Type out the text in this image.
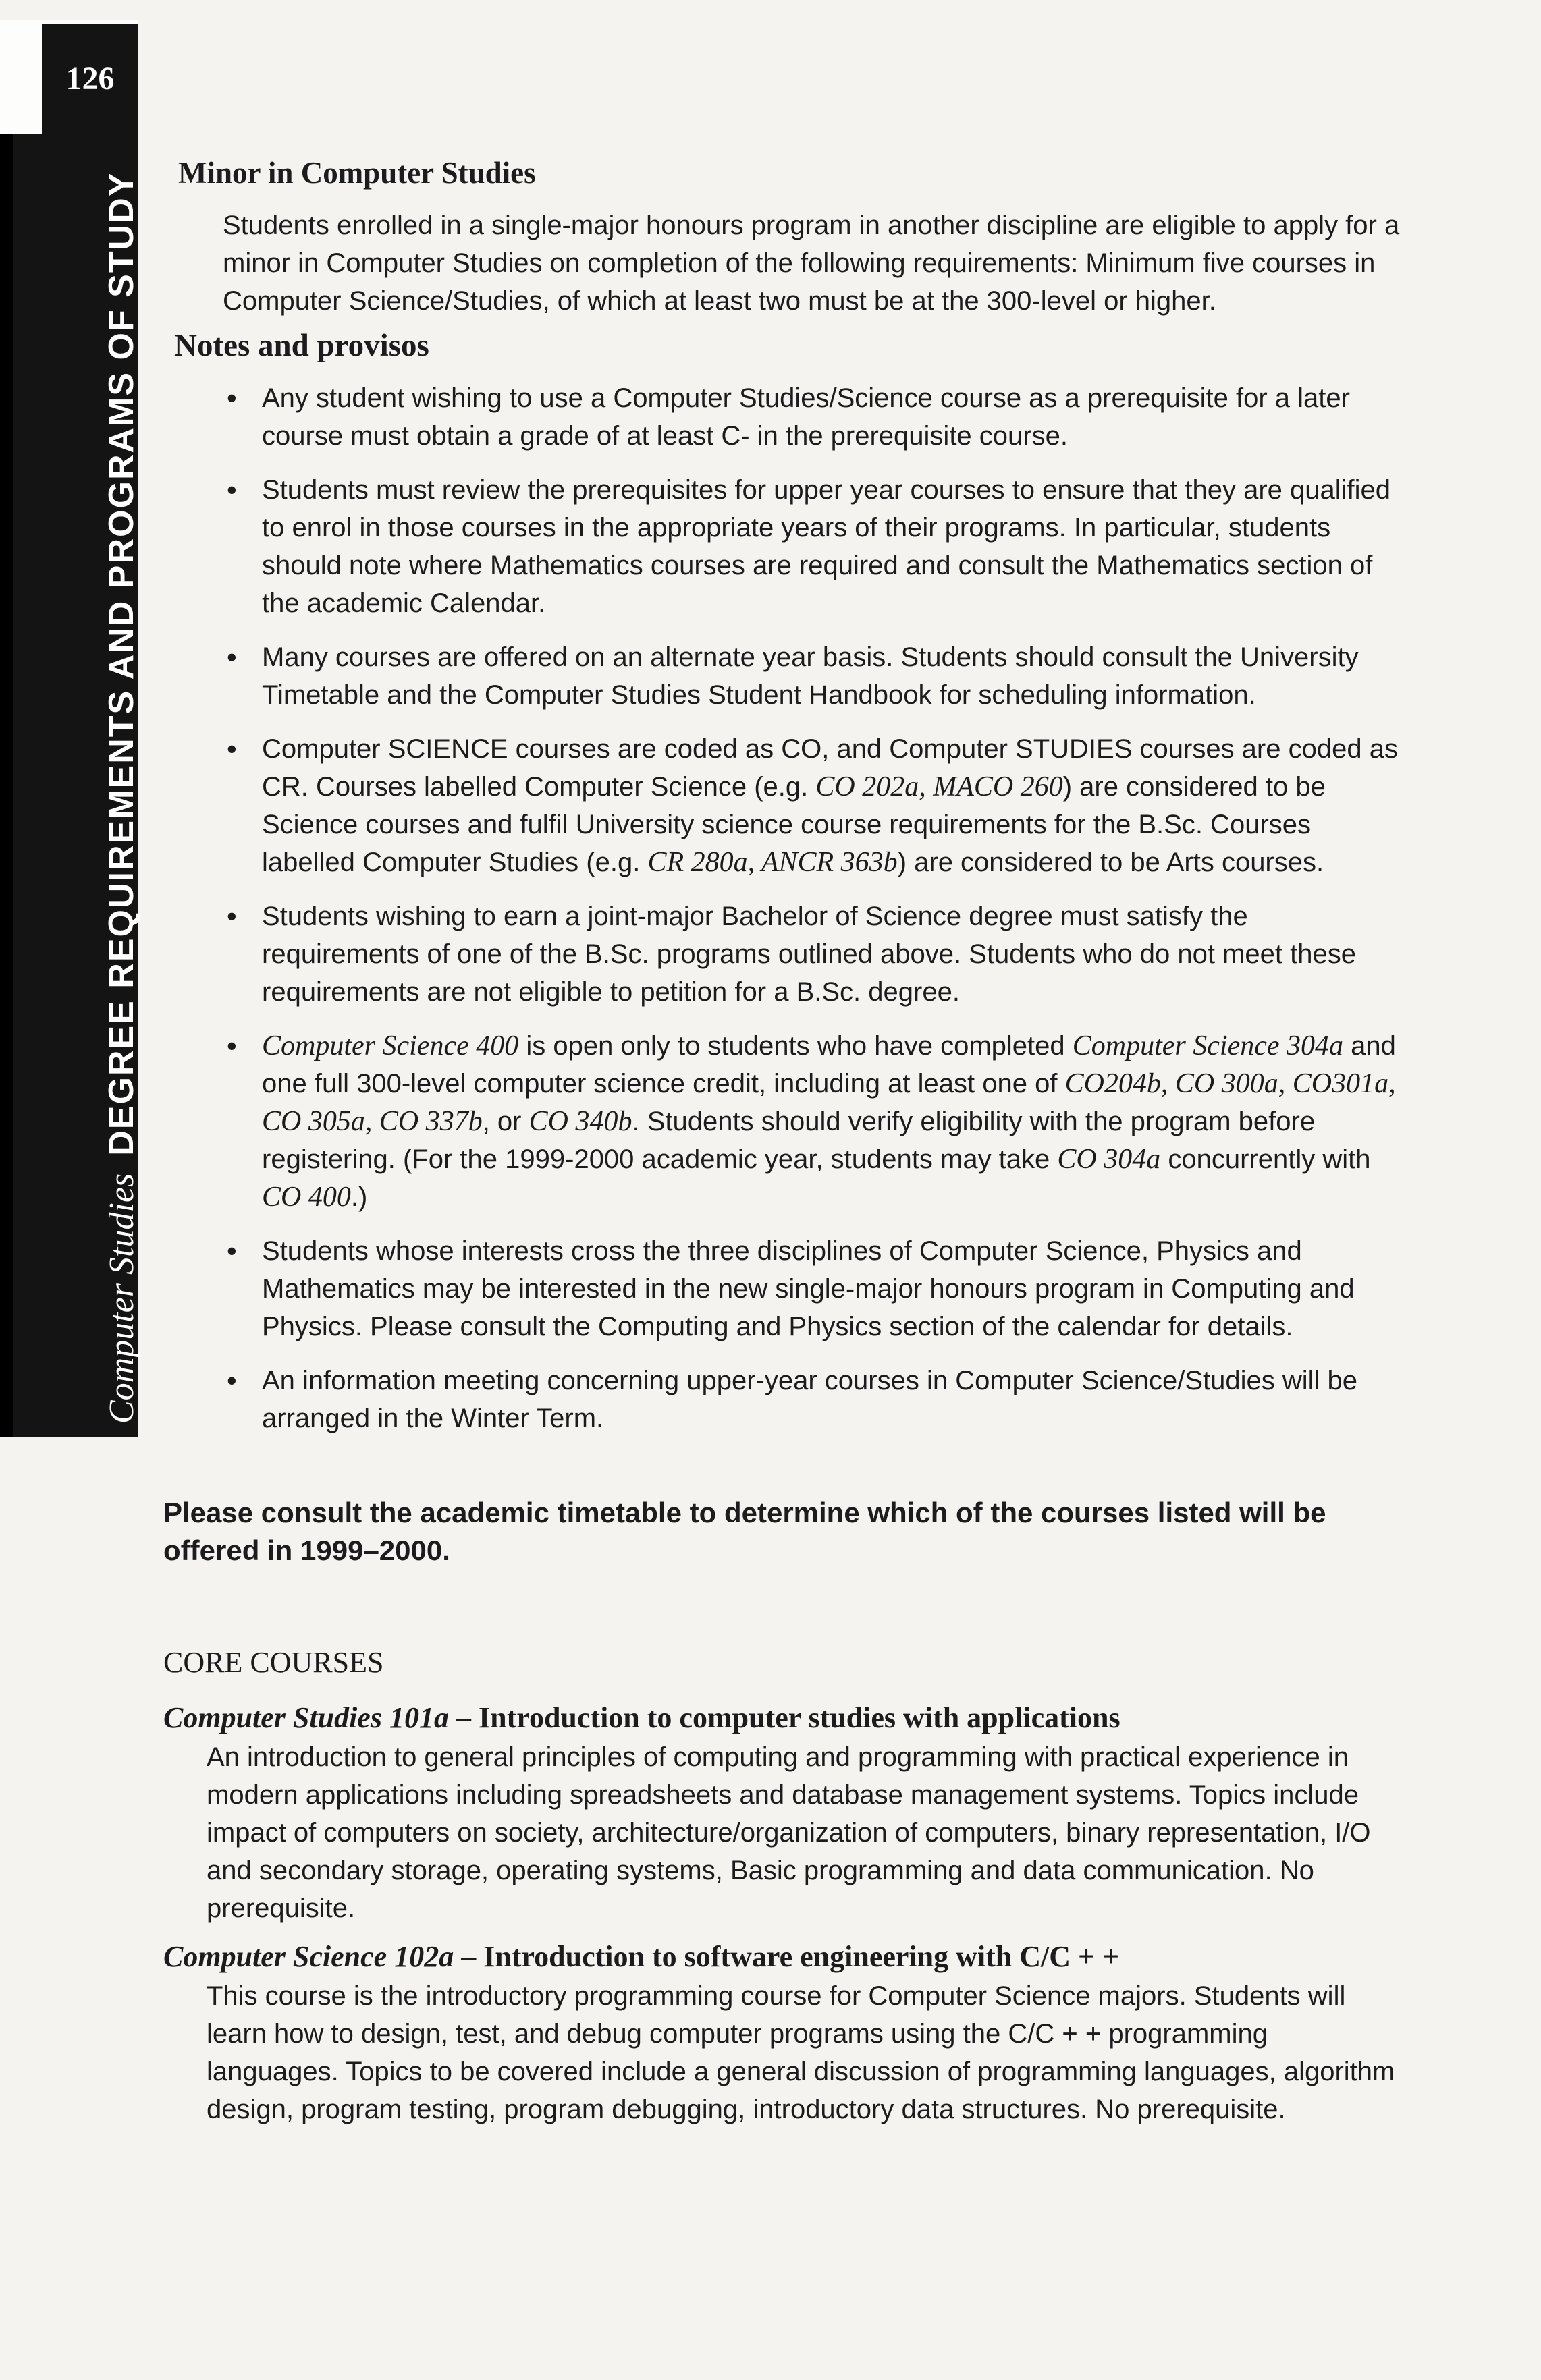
126
Computer StudiesDEGREE REQUIREMENTS AND PROGRAMS OF STUDY Minor in Computer Studies
Students enrolled in a single-major honours program in another discipline are eligible to apply for a minor in Computer Studies on completion of the following requirements: Minimum five courses in Computer Science/Studies, of which at least two must be at the 300-level or higher.
Notes and provisos
• Any student wishing to use a Computer Studies/Science course as a prerequisite for a later course must obtain a grade of at least C- in the prerequisite course.
• Students must review the prerequisites for upper year courses to ensure that they are qualified to enrol in those courses in the appropriate years of their programs. In particular, students should note where Mathematics courses are required and consult the Mathematics section of the academic Calendar.
• Many courses are offered on an alternate year basis. Students should consult the University Timetable and the Computer Studies Student Handbook for scheduling information.
• Computer SCIENCE courses are coded as CO, and Computer STUDIES courses are coded as CR. Courses labelled Computer Science (e.g. CO 202a, MACO 260) are considered to be Science courses and fulfil University science course requirements for the B.Sc. Courses labelled Computer Studies (e.g. CR 280a, ANCR 363b) are considered to be Arts courses.
• Students wishing to earn a joint-major Bachelor of Science degree must satisfy the requirements of one of the B.Sc. programs outlined above. Students who do not meet these requirements are not eligible to petition for a B.Sc. degree.
• Computer Science 400 is open only to students who have completed Computer Science 304a and one full 300-level computer science credit, including at least one of CO204b, CO 300a, CO301a, CO 305a, CO 337b, or CO 340b. Students should verify eligibility with the program before registering. (For the 1999-2000 academic year, students may take CO 304a concurrently with CO 400.)
• Students whose interests cross the three disciplines of Computer Science, Physics and Mathematics may be interested in the new single-major honours program in Computing and Physics. Please consult the Computing and Physics section of the calendar for details.
• An information meeting concerning upper-year courses in Computer Science/Studies will be arranged in the Winter Term.
Please consult the academic timetable to determine which of the courses listed will be offered in 1999–2000.
CORE COURSES
Computer Studies 101a – Introduction to computer studies with applications
An introduction to general principles of computing and programming with practical experience in modern applications including spreadsheets and database management systems. Topics include impact of computers on society, architecture/organization of computers, binary representation, I/O and secondary storage, operating systems, Basic programming and data communication. No prerequisite.
Computer Science 102a – Introduction to software engineering with C/C + +
This course is the introductory programming course for Computer Science majors. Students will learn how to design, test, and debug computer programs using the C/C + + programming languages. Topics to be covered include a general discussion of programming languages, algorithm design, program testing, program debugging, introductory data structures. No prerequisite.
